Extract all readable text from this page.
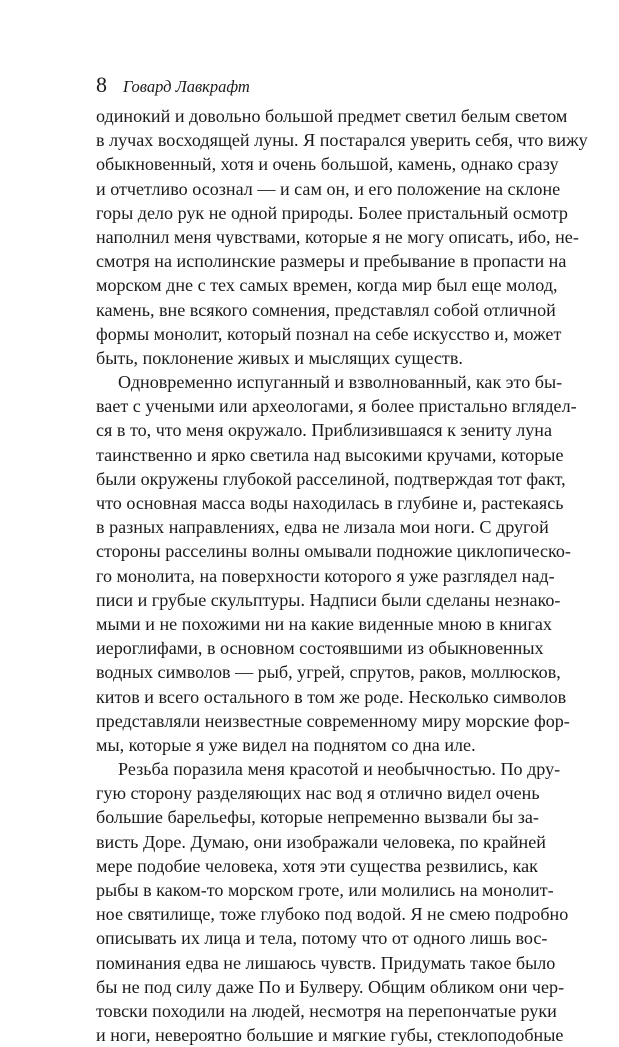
8 Говард Лавкрафт
одинокий и довольно большой предмет светил белым светом
в лучах восходящей луны. Я постарался уверить себя, что вижу
обыкновенный, хотя и очень большой, камень, однако сразу
и отчетливо осознал — и сам он, и его положение на склоне
горы дело рук не одной природы. Более пристальный осмотр
наполнил меня чувствами, которые я не могу описать, ибо, не-
смотря на исполинские размеры и пребывание в пропасти на
морском дне с тех самых времен, когда мир был еще молод,
камень, вне всякого сомнения, представлял собой отличной
формы монолит, который познал на себе искусство и, может
быть, поклонение живых и мыслящих существ.
Одновременно испуганный и взволнованный, как это бы-
вает с учеными или археологами, я более пристально вглядел-
ся в то, что меня окружало. Приблизившаяся к зениту луна
таинственно и ярко светила над высокими кручами, которые
были окружены глубокой расселиной, подтверждая тот факт,
что основная масса воды находилась в глубине и, растекаясь
в разных направлениях, едва не лизала мои ноги. С другой
стороны расселины волны омывали подножие циклопическо-
го монолита, на поверхности которого я уже разглядел над-
писи и грубые скульптуры. Надписи были сделаны незнако-
мыми и не похожими ни на какие виденные мною в книгах
иероглифами, в основном состоявшими из обыкновенных
водных символов — рыб, угрей, спрутов, раков, моллюсков,
китов и всего остального в том же роде. Несколько символов
представляли неизвестные современному миру морские фор-
мы, которые я уже видел на поднятом со дна иле.
Резьба поразила меня красотой и необычностью. По дру-
гую сторону разделяющих нас вод я отлично видел очень
большие барельефы, которые непременно вызвали бы за-
висть Доре. Думаю, они изображали человека, по крайней
мере подобие человека, хотя эти существа резвились, как
рыбы в каком-то морском гроте, или молились на монолит-
ное святилище, тоже глубоко под водой. Я не смею подробно
описывать их лица и тела, потому что от одного лишь вос-
поминания едва не лишаюсь чувств. Придумать такое было
бы не под силу даже По и Булверу. Общим обликом они чер-
товски походили на людей, несмотря на перепончатые руки
и ноги, невероятно большие и мягкие губы, стеклоподобные
